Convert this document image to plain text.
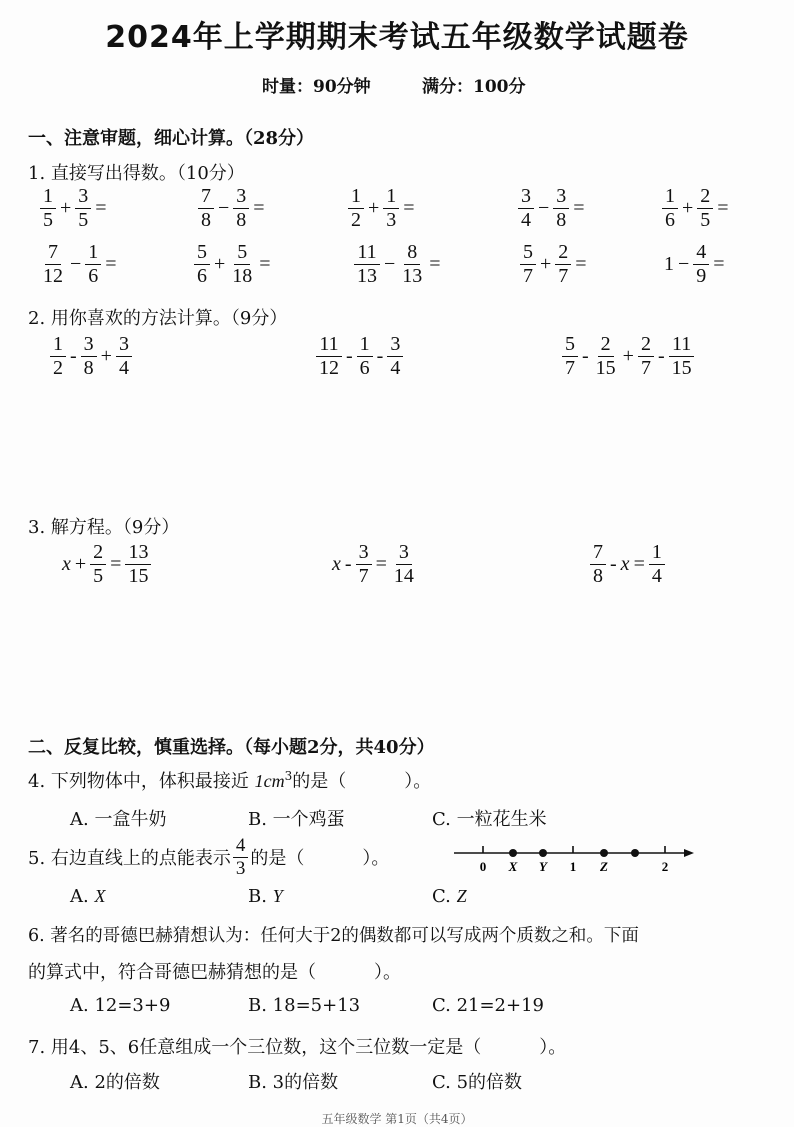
2024年上学期期末考试五年级数学试题卷
时量：90分钟	满分：100分
一、注意审题，细心计算。（28分）
1. 直接写出得数。（10分）
2. 用你喜欢的方法计算。（9分）
3. 解方程。（9分）
$\frac{1}{5} + \frac{3}{5}$ =	$\frac{7}{8} - \frac{3}{8}$ =	$\frac{1}{2} + \frac{1}{3}$ =	$\frac{3}{4} - \frac{3}{8}$ =	$\frac{1}{6} + \frac{2}{5}$ =
$\frac{7}{12} - \frac{1}{6}$ =	$\frac{5}{6} + \frac{5}{18}$ =	$\frac{11}{13} - \frac{8}{13}$ =	$\frac{5}{7} + \frac{2}{7}$ =	$1 - \frac{4}{9}$ =
$\frac{1}{2} - \frac{3}{8} + \frac{3}{4}$	$\frac{11}{12} - \frac{1}{6} - \frac{3}{4}$	$\frac{5}{7} - \frac{2}{15} + \frac{2}{7} - \frac{11}{15}$
$x + \frac{2}{5} = \frac{13}{15}$	$x - \frac{3}{7} = \frac{3}{14}$	$\frac{7}{8} - x = \frac{1}{4}$
二、反复比较，慎重选择。（每小题2分，共40分）
4. 下列物体中，体积最接近 $1cm^3$的是（	）。
A. 一盒牛奶	B. 一个鸡蛋	C. 一粒花生米
5. 右边直线上的点能表示 $\frac{4}{3}$ 的是（	）。	0	1	2
X Y	Z
A. X	B. Y	C. Z
6. 著名的哥德巴赫猜想认为：任何大于2的偶数都可以写成两个质数之和。下面
的算式中，符合哥德巴赫猜想的是（	）。
A. 12=3+9	B. 18=5+13	C. 21=2+19
7. 用4、5、6任意组成一个三位数，这个三位数一定是（	）。
A. 2的倍数	B. 3的倍数	C. 5的倍数
五年级数学 第1页（共4页）
